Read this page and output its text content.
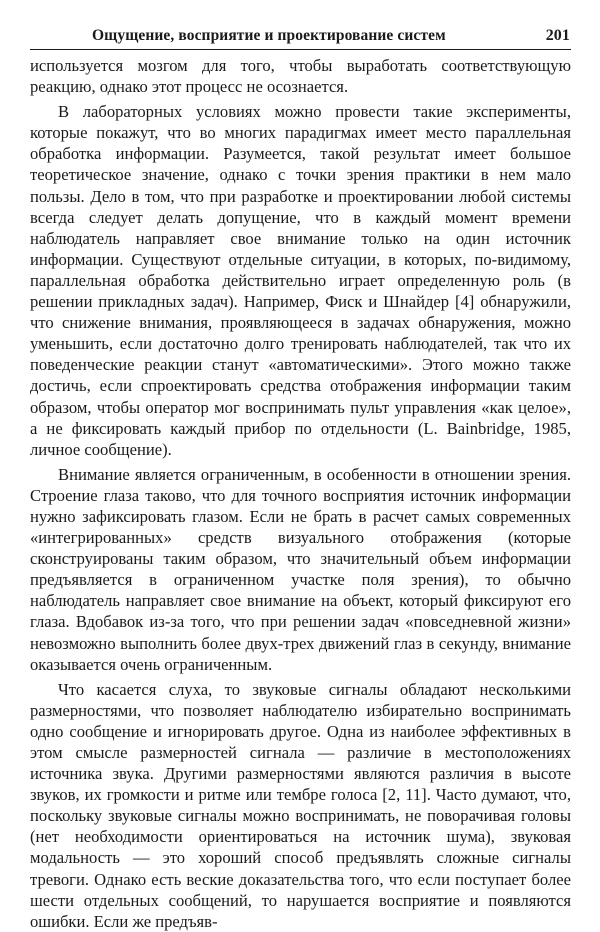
Ощущение, восприятие и проектирование систем	201

используется мозгом для того, чтобы выработать соответствующую реакцию, однако этот процесс не осознается.

В лабораторных условиях можно провести такие эксперименты, которые покажут, что во многих парадигмах имеет место параллельная обработка информации. Разумеется, такой результат имеет большое теоретическое значение, однако с точки зрения практики в нем мало пользы. Дело в том, что при разработке и проектировании любой системы всегда следует делать допущение, что в каждый момент времени наблюдатель направляет свое внимание только на один источник информации. Существуют отдельные ситуации, в которых, по-видимому, параллельная обработка действительно играет определенную роль (в решении прикладных задач). Например, Фиск и Шнайдер [4] обнаружили, что снижение внимания, проявляющееся в задачах обнаружения, можно уменьшить, если достаточно долго тренировать наблюдателей, так что их поведенческие реакции станут «автоматическими». Этого можно также достичь, если спроектировать средства отображения информации таким образом, чтобы оператор мог воспринимать пульт управления «как целое», а не фиксировать каждый прибор по отдельности (L. Bainbridge, 1985, личное сообщение).

Внимание является ограниченным, в особенности в отношении зрения. Строение глаза таково, что для точного восприятия источник информации нужно зафиксировать глазом. Если не брать в расчет самых современных «интегрированных» средств визуального отображения (которые сконструированы таким образом, что значительный объем информации предъявляется в ограниченном участке поля зрения), то обычно наблюдатель направляет свое внимание на объект, который фиксируют его глаза. Вдобавок из-за того, что при решении задач «повседневной жизни» невозможно выполнить более двух-трех движений глаз в секунду, внимание оказывается очень ограниченным.

Что касается слуха, то звуковые сигналы обладают несколькими размерностями, что позволяет наблюдателю избирательно воспринимать одно сообщение и игнорировать другое. Одна из наиболее эффективных в этом смысле размерностей сигнала — различие в местоположениях источника звука. Другими размерностями являются различия в высоте звуков, их громкости и ритме или тембре голоса [2, 11]. Часто думают, что, поскольку звуковые сигналы можно воспринимать, не поворачивая головы (нет необходимости ориентироваться на источник шума), звуковая модальность — это хороший способ предъявлять сложные сигналы тревоги. Однако есть веские доказательства того, что если поступает более шести отдельных сообщений, то нарушается восприятие и появляются ошибки. Если же предъяв-
